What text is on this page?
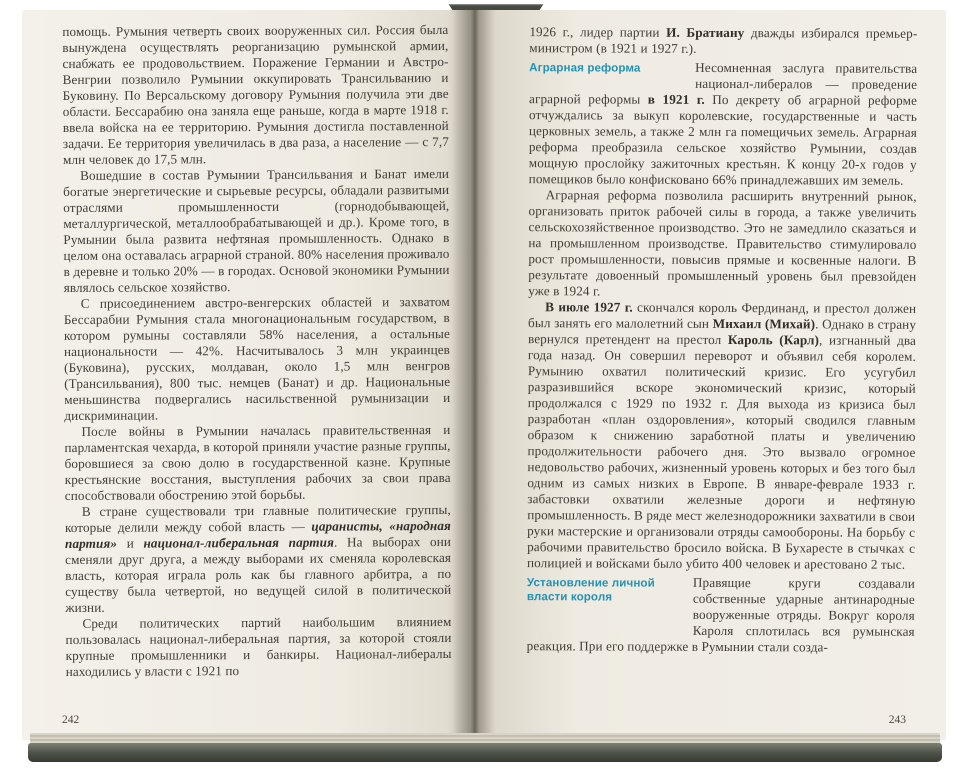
помощь. Румыния четверть своих вооруженных сил. Россия была вынуждена осуществлять реорганизацию румынской армии, снабжать ее продовольствием. Поражение Германии и Австро-Венгрии позволило Румынии оккупировать Трансильванию и Буковину. По Версальскому договору Румыния получила эти две области. Бессарабию она заняла еще раньше, когда в марте 1918 г. ввела войска на ее территорию. Румыния достигла поставленной задачи. Ее территория увеличилась в два раза, а население — с 7,7 млн человек до 17,5 млн.

Вошедшие в состав Румынии Трансильвания и Банат имели богатые энергетические и сырьевые ресурсы, обладали развитыми отраслями промышленности (горнодобывающей, металлургической, металлообрабатывающей и др.). Кроме того, в Румынии была развита нефтяная промышленность. Однако в целом она оставалась аграрной страной. 80% населения проживало в деревне и только 20% — в городах. Основой экономики Румынии являлось сельское хозяйство.

С присоединением австро-венгерских областей и захватом Бессарабии Румыния стала многонациональным государством, в котором румыны составляли 58% населения, а остальные национальности — 42%. Насчитывалось 3 млн украинцев (Буковина), русских, молдаван, около 1,5 млн венгров (Трансильвания), 800 тыс. немцев (Банат) и др. Национальные меньшинства подвергались насильственной румынизации и дискриминации.

После войны в Румынии началась правительственная и парламентская чехарда, в которой приняли участие разные группы, боровшиеся за свою долю в государственной казне. Крупные крестьянские восстания, выступления рабочих за свои права способствовали обострению этой борьбы.

В стране существовали три главные политические группы, которые делили между собой власть — царанисты, «народная партия» и национал-либеральная партия. На выборах они сменяли друг друга, а между выборами их сменяла королевская власть, которая играла роль как бы главного арбитра, а по существу была четвертой, но ведущей силой в политической жизни.

Среди политических партий наибольшим влиянием пользовалась национал-либеральная партия, за которой стояли крупные промышленники и банкиры. Национал-либералы находились у власти с 1921 по

242

1926 г., лидер партии И. Братиану дважды избирался премьер-министром (в 1921 и 1927 г.).

Аграрная реформа	Несомненная заслуга правительства национал-либералов — проведение аграрной реформы в 1921 г. По декрету об аграрной реформе отчуждались за выкуп королевские, государственные и часть церковных земель, а также 2 млн га помещичьих земель. Аграрная реформа преобразила сельское хозяйство Румынии, создав мощную прослойку зажиточных крестьян. К концу 20-х годов у помещиков было конфисковано 66% принадлежавших им земель.

Аграрная реформа позволила расширить внутренний рынок, организовать приток рабочей силы в города, а также увеличить сельскохозяйственное производство. Это не замедлило сказаться и на промышленном производстве. Правительство стимулировало рост промышленности, повысив прямые и косвенные налоги. В результате довоенный промышленный уровень был превзойден уже в 1924 г.

В июле 1927 г. скончался король Фердинанд, и престол должен был занять его малолетний сын Михаил (Михай). Однако в страну вернулся претендент на престол Кароль (Карл), изгнанный два года назад. Он совершил переворот и объявил себя королем. Румынию охватил политический кризис. Его усугубил разразившийся вскоре экономический кризис, который продолжался с 1929 по 1932 г. Для выхода из кризиса был разработан «план оздоровления», который сводился главным образом к снижению заработной платы и увеличению продолжительности рабочего дня. Это вызвало огромное недовольство рабочих, жизненный уровень которых и без того был одним из самых низких в Европе. В январе-феврале 1933 г. забастовки охватили железные дороги и нефтяную промышленность. В ряде мест железнодорожники захватили в свои руки мастерские и организовали отряды самообороны. На борьбу с рабочими правительство бросило войска. В Бухаресте в стычках с полицией и войсками было убито 400 человек и арестовано 2 тыс.

Установление личной власти короля
Правящие круги создавали собственные ударные антинародные вооруженные отряды. Вокруг короля Кароля сплотилась вся румынская реакция. При его поддержке в Румынии стали созда-

243
